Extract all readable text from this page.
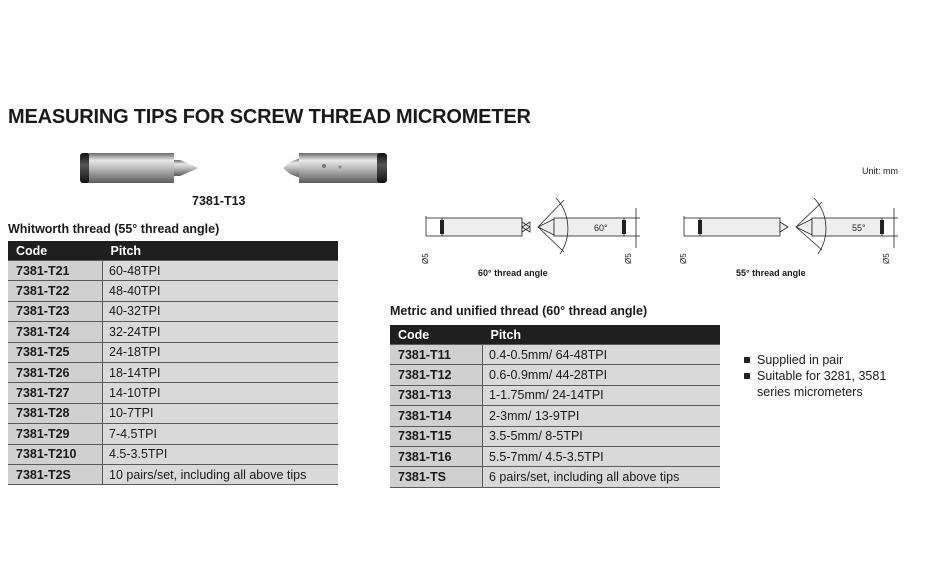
MEASURING TIPS FOR SCREW THREAD MICROMETER
7381-T13
Unit: mm
60°
Ø5	Ø5
60° thread angle
55°
Ø5	Ø5
55° thread angle
Whitworth thread (55° thread angle)
Code	Pitch
7381-T21	60-48TPI
7381-T22	48-40TPI
7381-T23	40-32TPI
7381-T24	32-24TPI
7381-T25	24-18TPI
7381-T26	18-14TPI
7381-T27	14-10TPI
7381-T28	10-7TPI
7381-T29	7-4.5TPI
7381-T210	4.5-3.5TPI
7381-T2S	10 pairs/set, including all above tips
Metric and unified thread (60° thread angle)
Code	Pitch
7381-T11	0.4-0.5mm/ 64-48TPI
7381-T12	0.6-0.9mm/ 44-28TPI
7381-T13	1-1.75mm/ 24-14TPI
7381-T14	2-3mm/ 13-9TPI
7381-T15	3.5-5mm/ 8-5TPI
7381-T16	5.5-7mm/ 4.5-3.5TPI
7381-TS	6 pairs/set, including all above tips
Supplied in pair
Suitable for 3281, 3581
series micrometers
